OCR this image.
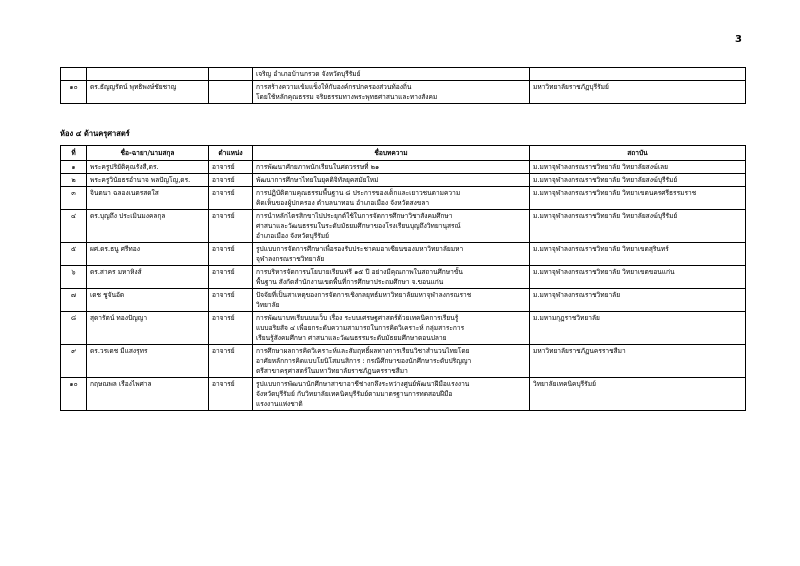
3

			เจริญ อำเภอบ้านกรวด จังหวัดบุรีรัมย์	

๑๐	ดร.ธัญญรัตน์ พุทธิพงษ์ชัยชาญ		การสร้างความเข้มแข็งให้กับองค์กรปกครองส่วนท้องถิ่น
โดยใช้หลักคุณธรรม จริยธรรมทางพระพุทธศาสนาและทางสังคม	มหาวิทยาลัยราชภัฏบุรีรัมย์
ห้อง ๔ ด้านครุศาสตร์
ที่	ชื่อ-ฉายา/นามสกุล	ตำแหน่ง	ชื่อบทความ	สถาบัน
๑	พระครูปริยัติคุณรังสี,ดร.	อาจารย์	การพัฒนาศักยภาพนักเรียนในศตวรรษที่ ๒๑	ม.มหาจุฬาลงกรณราชวิทยาลัย วิทยาลัยสงฆ์เลย
๒	พระครูวินัยธรอำนาจ พลปัญโญ,ดร.	อาจารย์	พัฒนาการศึกษาไทยในยุคดิจิทัลยุคสมัยใหม่	ม.มหาจุฬาลงกรณราชวิทยาลัย วิทยาลัยสงฆ์บุรีรัมย์
๓	จินตนา ฉลองเนตรสดใส	อาจารย์	การปฏิบัติตามคุณธรรมพื้นฐาน ๘ ประการของเด็กและเยาวชนตามความ
คิดเห็นของผู้ปกครอง ตำบลนาทอน อำเภอเมือง จังหวัดสงขลา	ม.มหาจุฬาลงกรณราชวิทยาลัย วิทยาเขตนครศรีธรรมราช
๔	ดร.บุญถึง ประเมินมงคลกุล	อาจารย์	การนำหลักไตรสิกขาไปประยุกต์ใช้ในการจัดการศึกษาวิชาสังคมศึกษา
ศาสนาและวัฒนธรรมในระดับมัธยมศึกษาของโรงเรียนบุญถึงวิทยานุสรณ์
อำเภอเมือง จังหวัดบุรีรัมย์	ม.มหาจุฬาลงกรณราชวิทยาลัย วิทยาลัยสงฆ์บุรีรัมย์
๕	ผศ.ดร.ธนู ศรีทอง	อาจารย์	รูปแบบการจัดการศึกษาเพื่อรองรับประชาคมอาเซียนของมหาวิทยาลัยมหา
จุฬาลงกรณราชวิทยาลัย	ม.มหาจุฬาลงกรณราชวิทยาลัย วิทยาเขตสุรินทร์
๖	ดร.สาคร มหาหิงส์	อาจารย์	การบริหารจัดการนโยบายเรียนฟรี ๑๕ ปี อย่างมีคุณภาพในสถานศึกษาขั้น
พื้นฐาน สังกัดสำนักงานเขตพื้นที่การศึกษาประถมศึกษา จ.ขอนแก่น	ม.มหาจุฬาลงกรณราชวิทยาลัย วิทยาเขตขอนแก่น
๗	เดช ชูจันอัด	อาจารย์	ปัจจัยที่เป็นสาเหตุของการจัดการเชิงกลยุทธ์มหาวิทยาลัยมหาจุฬาลงกรณราช
วิทยาลัย	ม.มหาจุฬาลงกรณราชวิทยาลัย
๘	สุดารัตน์ ทองปัญญา	อาจารย์	การพัฒนาบทเรียนบนเว็บ เรื่อง ระบบเศรษฐศาสตร์ด้วยเทคนิคการเรียนรู้
แบบอริยสัจ ๔ เพื่อยกระดับความสามารถในการคิดวิเคราะห์ กลุ่มสาระการ
เรียนรู้สังคมศึกษา ศาสนาและวัฒนธรรมระดับมัธยมศึกษาตอนปลาย	ม.มหามกุฏราชวิทยาลัย
๙	ดร.วรเดช มีแสงรุทร	อาจารย์	การศึกษาผลการคิดวิเคราะห์และสัมฤทธิ์ผลทางการเรียนวิชาสำนวนไทยโดย
อาศัยหลักการคิดแบบโยนิโสมนสิการ : กรณีศึกษาของนักศึกษาระดับปริญญา
ตรีสาขาครุศาสตร์ในมหาวิทยาลัยราชภัฏนครราชสีมา	มหาวิทยาลัยราชภัฏนครราชสีมา
๑๐	กฤษณพล เรืองไพศาล	อาจารย์	รูปแบบการพัฒนานักศึกษาสาขาอาชีช่างกลึงระหว่างศูนย์พัฒนาฝีมือแรงงาน
จังหวัดบุรีรัมย์ กับวิทยาลัยเทคนิคบุรีรัมย์ตามมาตรฐานการทดสอบฝีมือ
แรงงานแห่งชาติ	วิทยาลัยเทคนิคบุรีรัมย์
